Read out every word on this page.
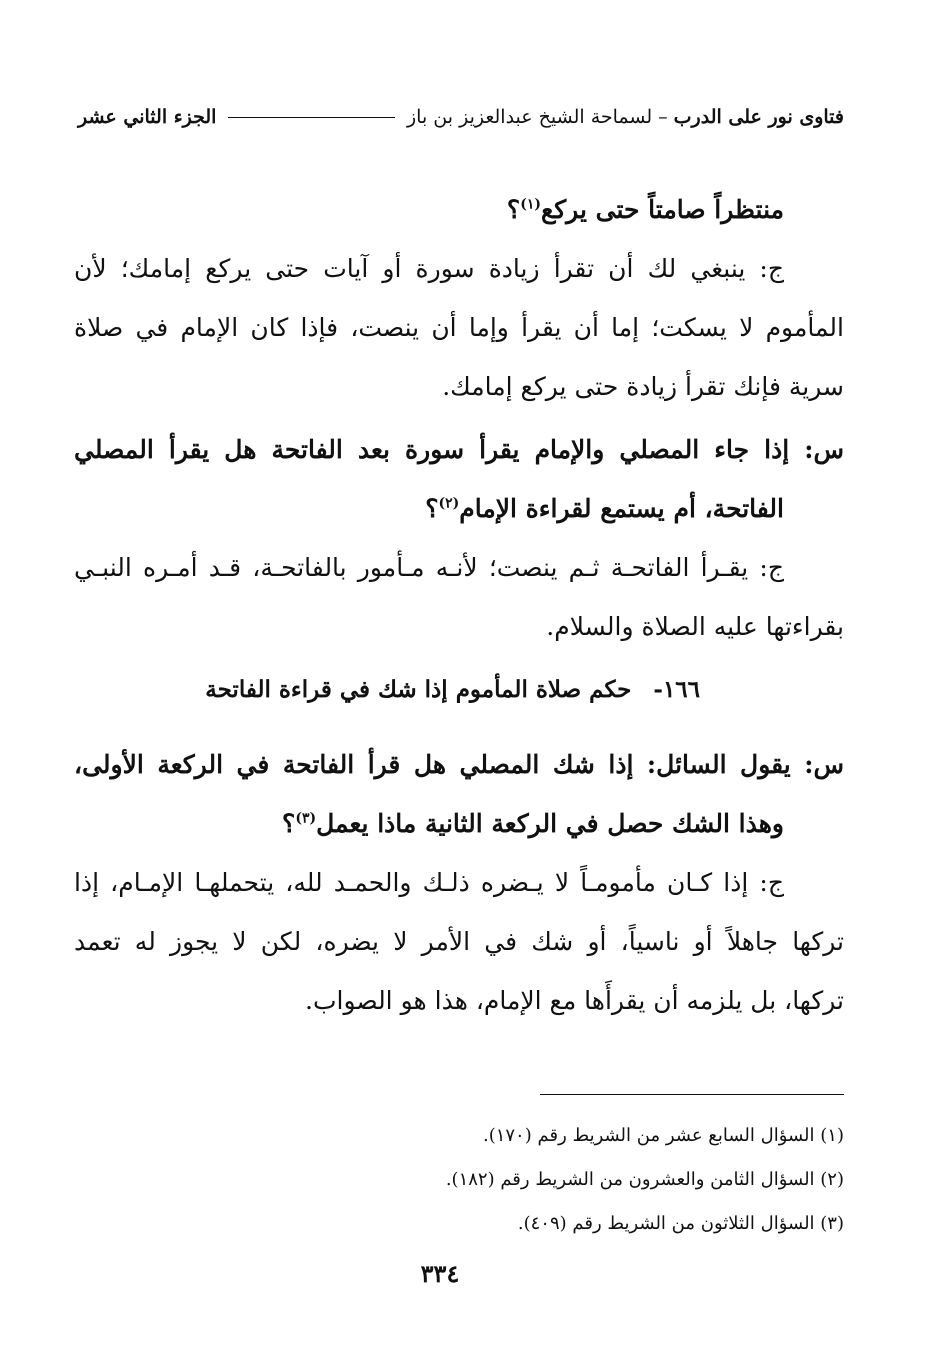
فتاوى نور على الدرب
–
لسماحة الشيخ عبدالعزيز بن باز
الجزء الثاني عشر
منتظراً صامتاً حتى يركع$^{(١)}$؟
ج: ينبغي لك أن تقرأ زيادة سورة أو آيات حتى يركع إمامك؛ لأن
المأموم لا يسكت؛ إما أن يقرأ وإما أن ينصت، فإذا كان الإمام في صلاة
سرية فإنك تقرأ زيادة حتى يركع إمامك.
س: إذا جاء المصلي والإمام يقرأ سورة بعد الفاتحة هل يقرأ المصلي
الفاتحة، أم يستمع لقراءة الإمام$^{(٢)}$؟
ج: يقـرأ الفاتحـة ثـم ينصت؛ لأنـه مـأمور بالفاتحـة، قـد أمـره النبـي
بقراءتها عليه الصلاة والسلام.
١٦٦-حكم صلاة المأموم إذا شك في قراءة الفاتحة
س: يقول السائل: إذا شك المصلي هل قرأ الفاتحة في الركعة الأولى،
وهذا الشك حصل في الركعة الثانية ماذا يعمل$^{(٣)}$؟
ج: إذا كـان مأمومـاً لا يـضره ذلـك والحمـد لله، يتحملهـا الإمـام، إذا
تركها جاهلاً أو ناسياً، أو شك في الأمر لا يضره، لكن لا يجوز له تعمد
تركها، بل يلزمه أن يقرأَها مع الإمام، هذا هو الصواب.
(١) السؤال السابع عشر من الشريط رقم (١٧٠).
(٢) السؤال الثامن والعشرون من الشريط رقم (١٨٢).
(٣) السؤال الثلاثون من الشريط رقم (٤٠٩).
٣٣٤
